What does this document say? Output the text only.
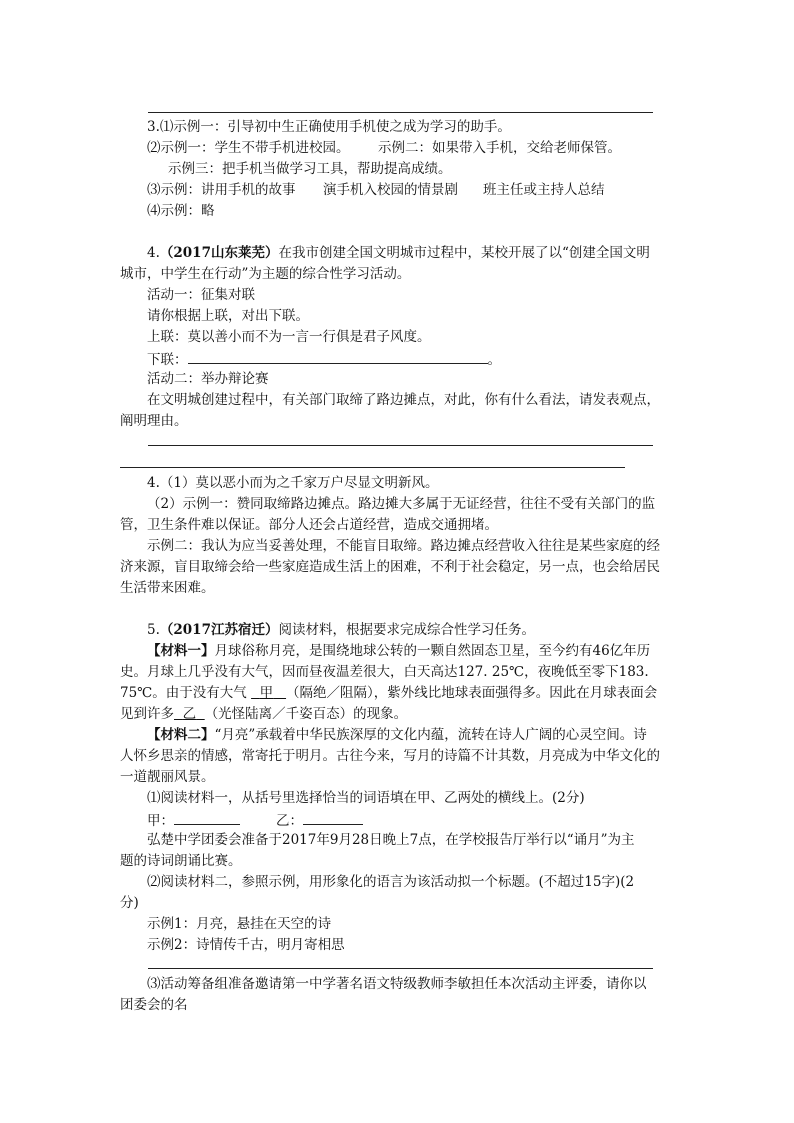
3.⑴示例一：引导初中生正确使用手机使之成为学习的助手。
⑵示例一：学生不带手机进校园。 示例二：如果带入手机，交给老师保管。
示例三：把手机当做学习工具，帮助提高成绩。
⑶示例：讲用手机的故事 演手机入校园的情景剧 班主任或主持人总结
⑷示例：略
4.（2017山东莱芜）在我市创建全国文明城市过程中，某校开展了以“创建全国文明
城市，中学生在行动”为主题的综合性学习活动。
活动一：征集对联
请你根据上联，对出下联。
上联：莫以善小而不为一言一行俱是君子风度。
下联：	。
活动二：举办辩论赛
在文明城创建过程中，有关部门取缔了路边摊点，对此，你有什么看法，请发表观点，
阐明理由。
4.（1）莫以恶小而为之千家万户尽显文明新风。
（2）示例一：赞同取缔路边摊点。路边摊大多属于无证经营，往往不受有关部门的监
管，卫生条件难以保证。部分人还会占道经营，造成交通拥堵。
示例二：我认为应当妥善处理，不能盲目取缔。路边摊点经营收入往往是某些家庭的经
济来源，盲目取缔会给一些家庭造成生活上的困难，不利于社会稳定，另一点，也会给居民
生活带来困难。
5.（2017江苏宿迁）阅读材料，根据要求完成综合性学习任务。
【材料一】月球俗称月亮，是围绕地球公转的一颗自然固态卫星，至今约有46亿年历
史。月球上几乎没有大气，因而昼夜温差很大，白天高达127. 25℃，夜晚低至零下183.
75℃。由于没有大气 甲 （隔绝／阻隔），紫外线比地球表面强得多。因此在月球表面会
见到许多 乙 （光怪陆离／千姿百态）的现象。
【材料二】“月亮”承载着中华民族深厚的文化内蕴，流转在诗人广阔的心灵空间。诗
人怀乡思亲的情感，常寄托于明月。古往今来，写月的诗篇不计其数，月亮成为中华文化的
一道靓丽风景。
⑴阅读材料一，从括号里选择恰当的词语填在甲、乙两处的横线上。(2分)
甲：	乙：
弘楚中学团委会准备于2017年9月28日晚上7点，在学校报告厅举行以“诵月”为主
题的诗词朗诵比赛。
⑵阅读材料二，参照示例，用形象化的语言为该活动拟一个标题。(不超过15字)(2
分)
示例1：月亮，悬挂在天空的诗
示例2：诗情传千古，明月寄相思
⑶活动筹备组准备邀请第一中学著名语文特级教师李敏担任本次活动主评委，请你以
团委会的名
